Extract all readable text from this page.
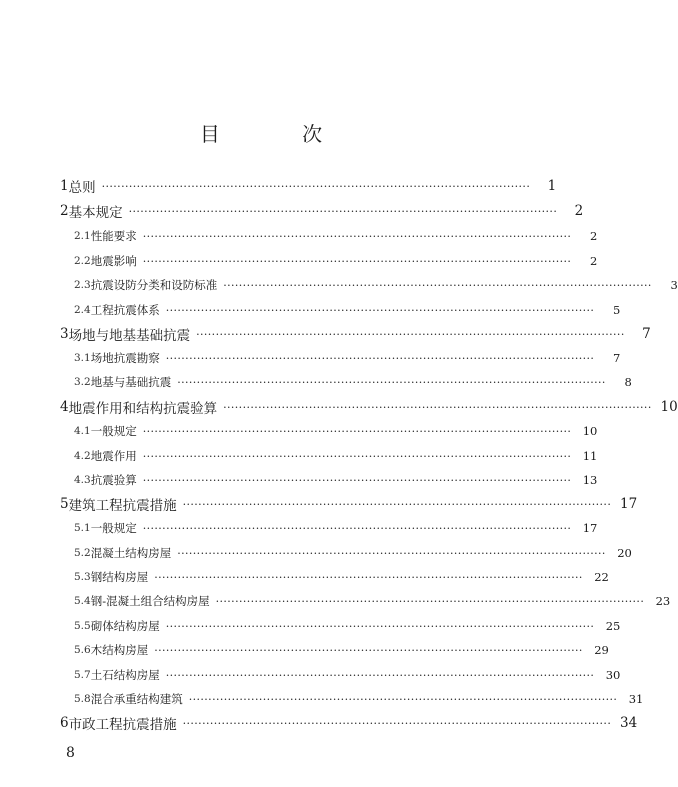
目 次
1 总则 ··············································································································	1
2 基本规定 ··············································································································	2
2.1 性能要求 ··············································································································	2
2.2 地震影响 ··············································································································	2
2.3 抗震设防分类和设防标准 ··············································································································	3
2.4 工程抗震体系 ··············································································································	5
3 场地与地基基础抗震 ··············································································································	7
3.1 场地抗震勘察 ··············································································································	7
3.2 地基与基础抗震 ··············································································································	8
4 地震作用和结构抗震验算 ·············································································································· 10
4.1 一般规定 ·············································································································· 10
4.2 地震作用 ·············································································································· 11
4.3 抗震验算 ·············································································································· 13
5 建筑工程抗震措施 ·············································································································· 17
5.1 一般规定 ·············································································································· 17
5.2 混凝土结构房屋 ·············································································································· 20
5.3 钢结构房屋 ·············································································································· 22
5.4 钢-混凝土组合结构房屋 ·············································································································· 23
5.5 砌体结构房屋 ·············································································································· 25
5.6 木结构房屋 ·············································································································· 29
5.7 土石结构房屋 ·············································································································· 30
5.8 混合承重结构建筑 ·············································································································· 31
6 市政工程抗震措施 ·············································································································· 34
8
